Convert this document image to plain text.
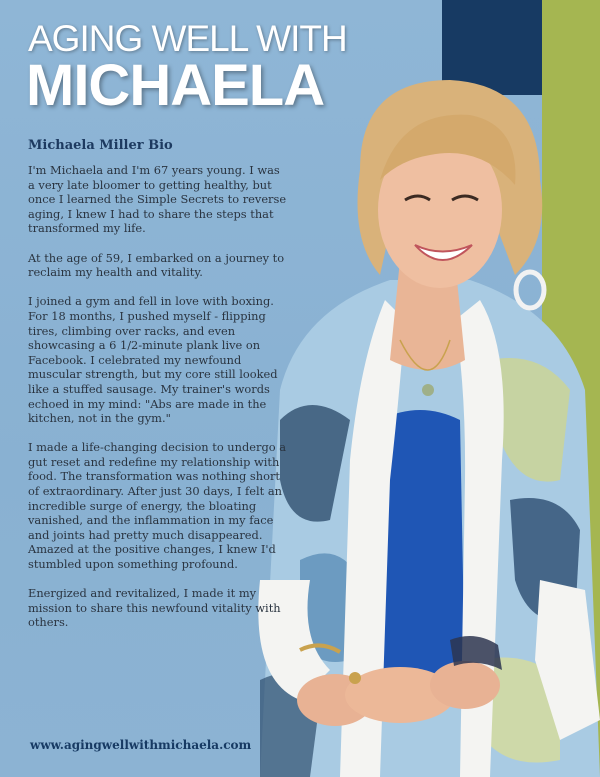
AGING WELL WITH
MICHAELA
Michaela Miller Bio

I'm Michaela and I'm 67 years young. I was a very late bloomer to getting healthy, but once I learned the Simple Secrets to reverse aging, I knew I had to share the steps that transformed my life.

At the age of 59, I embarked on a journey to reclaim my health and vitality.

I joined a gym and fell in love with boxing. For 18 months, I pushed myself - flipping tires, climbing over racks, and even showcasing a 6 1/2-minute plank live on Facebook. I celebrated my newfound muscular strength, but my core still looked like a stuffed sausage. My trainer's words echoed in my mind: "Abs are made in the kitchen, not in the gym."

I made a life-changing decision to undergo a gut reset and redefine my relationship with food. The transformation was nothing short of extraordinary. After just 30 days, I felt an incredible surge of energy, the bloating vanished, and the inflammation in my face and joints had pretty much disappeared. Amazed at the positive changes, I knew I'd stumbled upon something profound.

Energized and revitalized, I made it my mission to share this newfound vitality with others.

www.agingwellwithmichaela.com
